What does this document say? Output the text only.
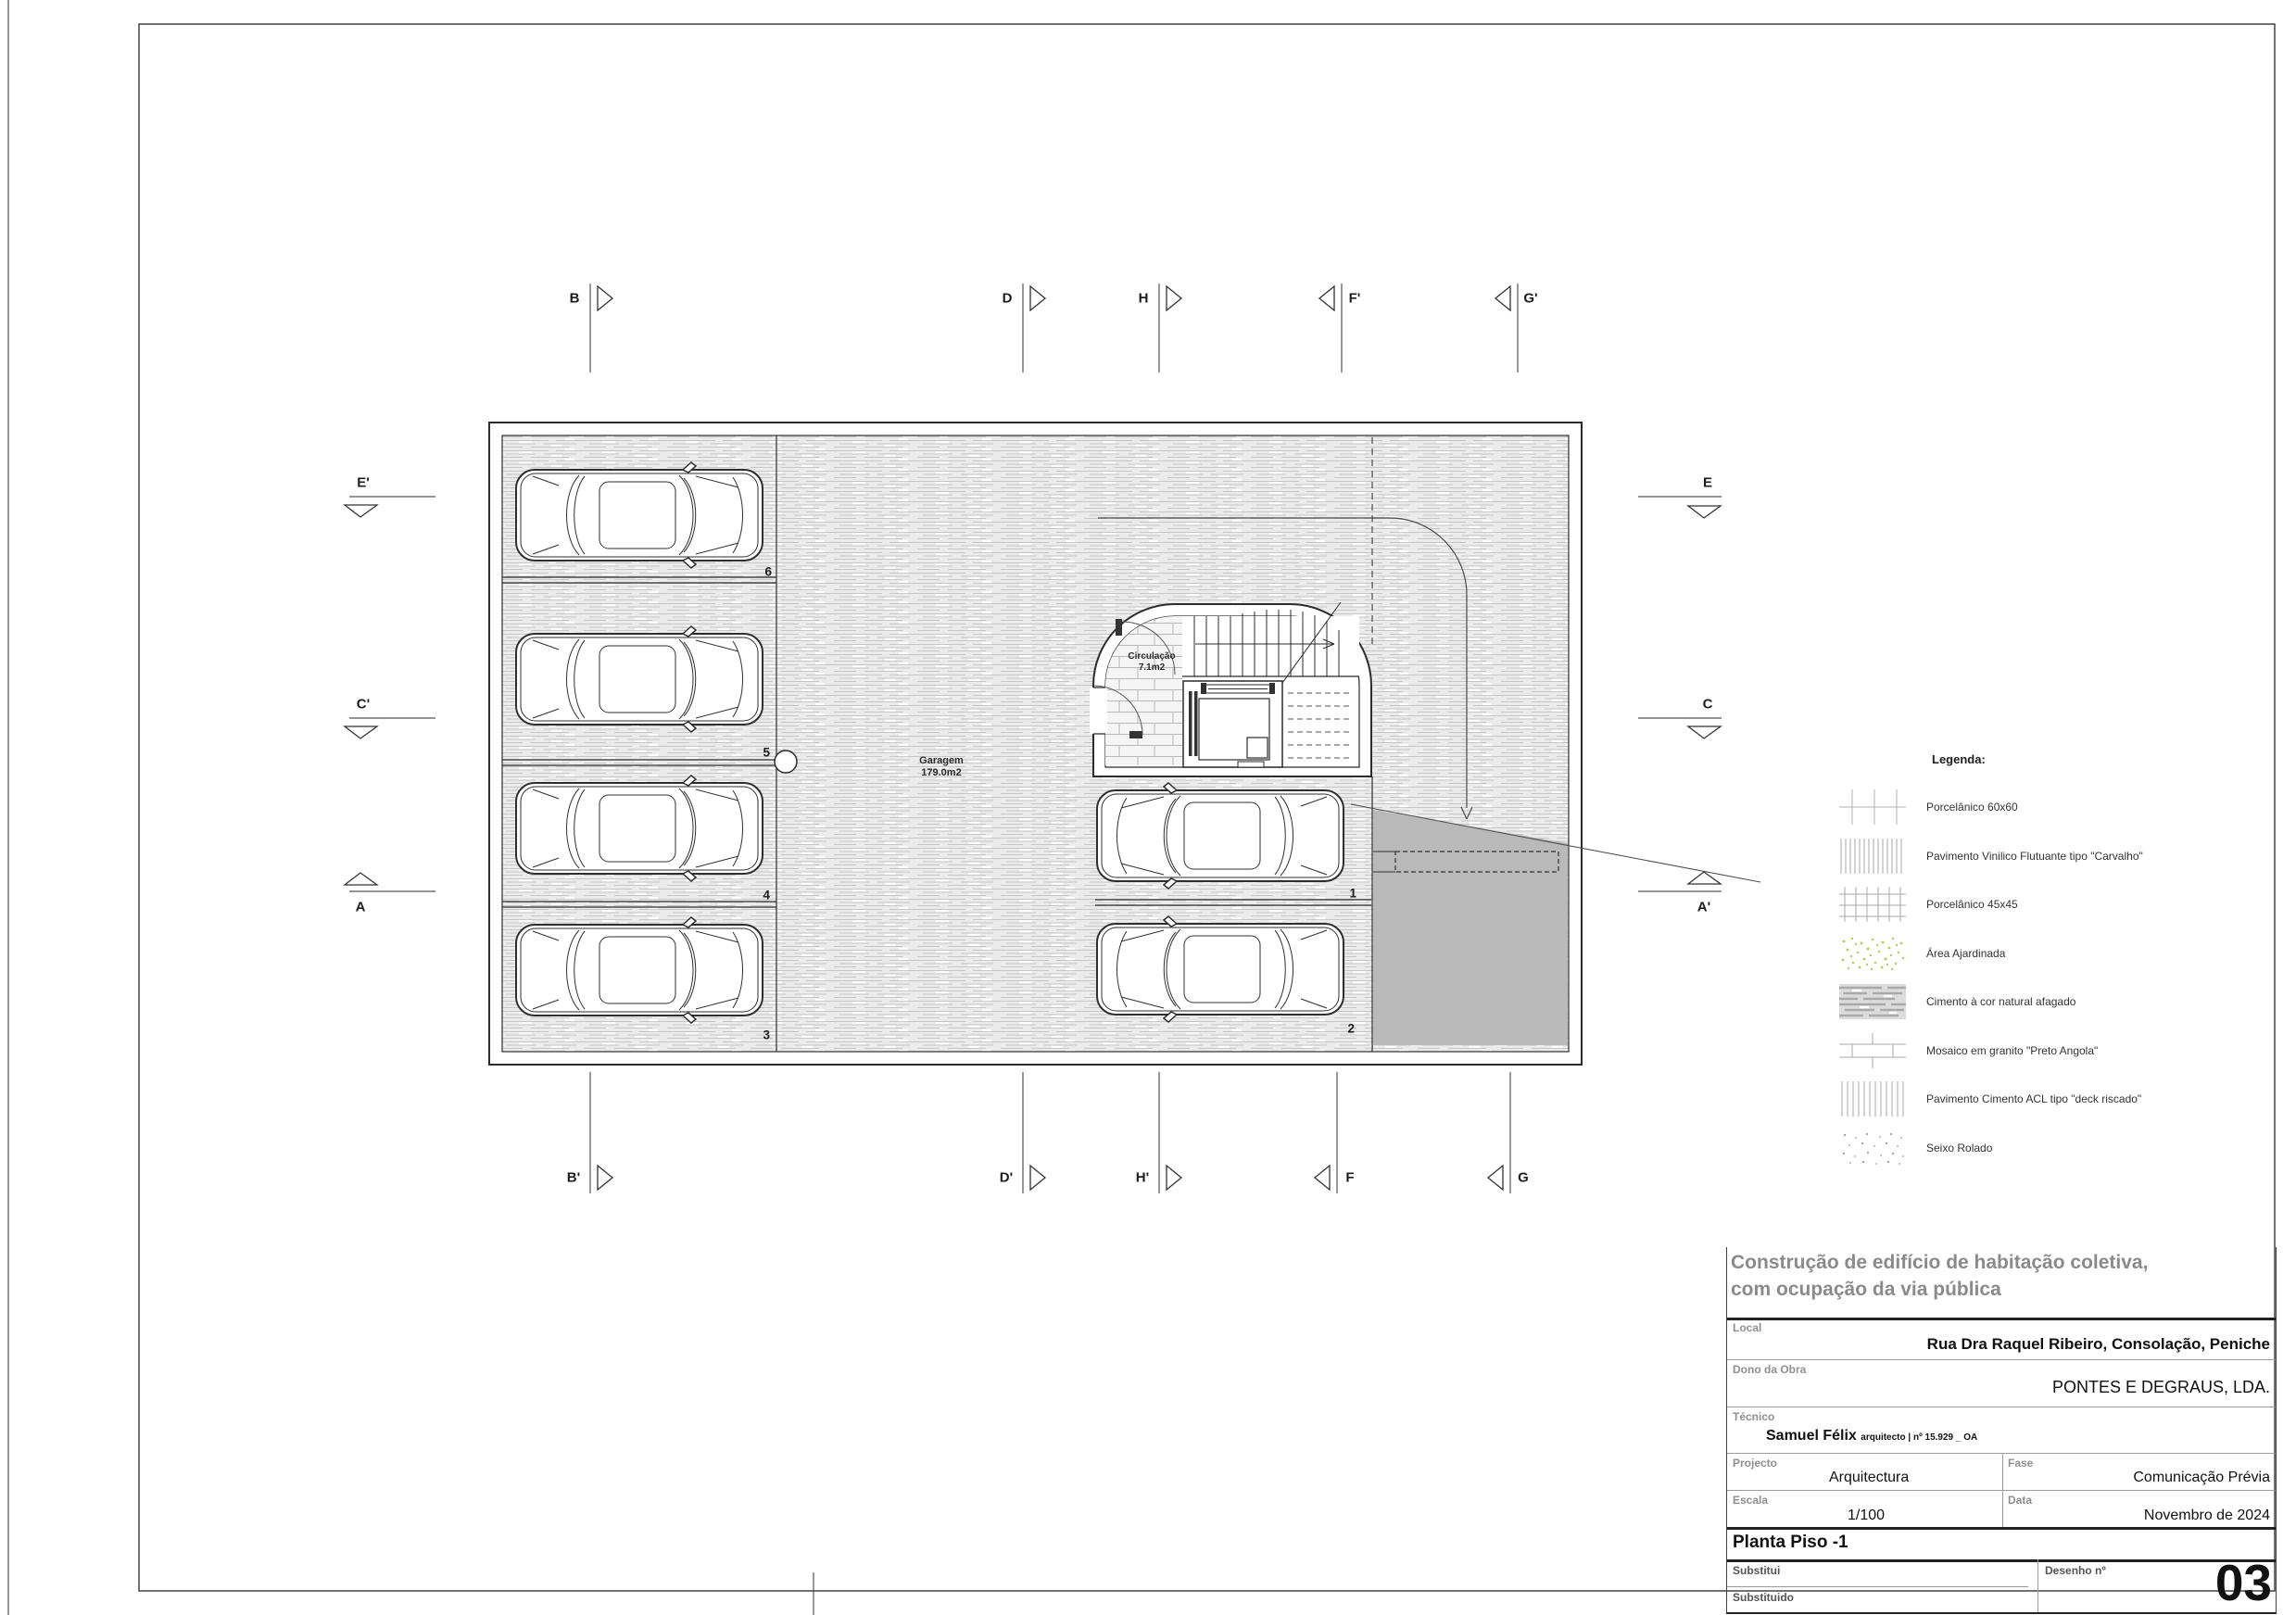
B	D	H	F'	G'
B'	D'	H'	F	G
E'
C'
A
E
C
A'
6
5
4
3
1
2
Garagem
179.0m2
Circulação
7.1m2
Legenda:
Porcelânico 60x60
Pavimento Vinilico Flutuante tipo "Carvalho"
Porcelânico 45x45
Área Ajardinada
Cimento à cor natural afagado
Mosaico em granito "Preto Angola"
Pavimento Cimento ACL tipo "deck riscado"
Seixo Rolado
Construção de edifício de habitação coletiva,
com ocupação da via pública
Local
Rua Dra Raquel Ribeiro, Consolação, Peniche
Dono da Obra
PONTES E DEGRAUS, LDA.
Técnico
Samuel Félix arquitecto | nº 15.929 _ OA
Projecto	Fase
Arquitectura	Comunicação Prévia
Escala	Data
1/100	Novembro de 2024
Planta Piso -1
Substitui
Substituido
Desenho nº 03
